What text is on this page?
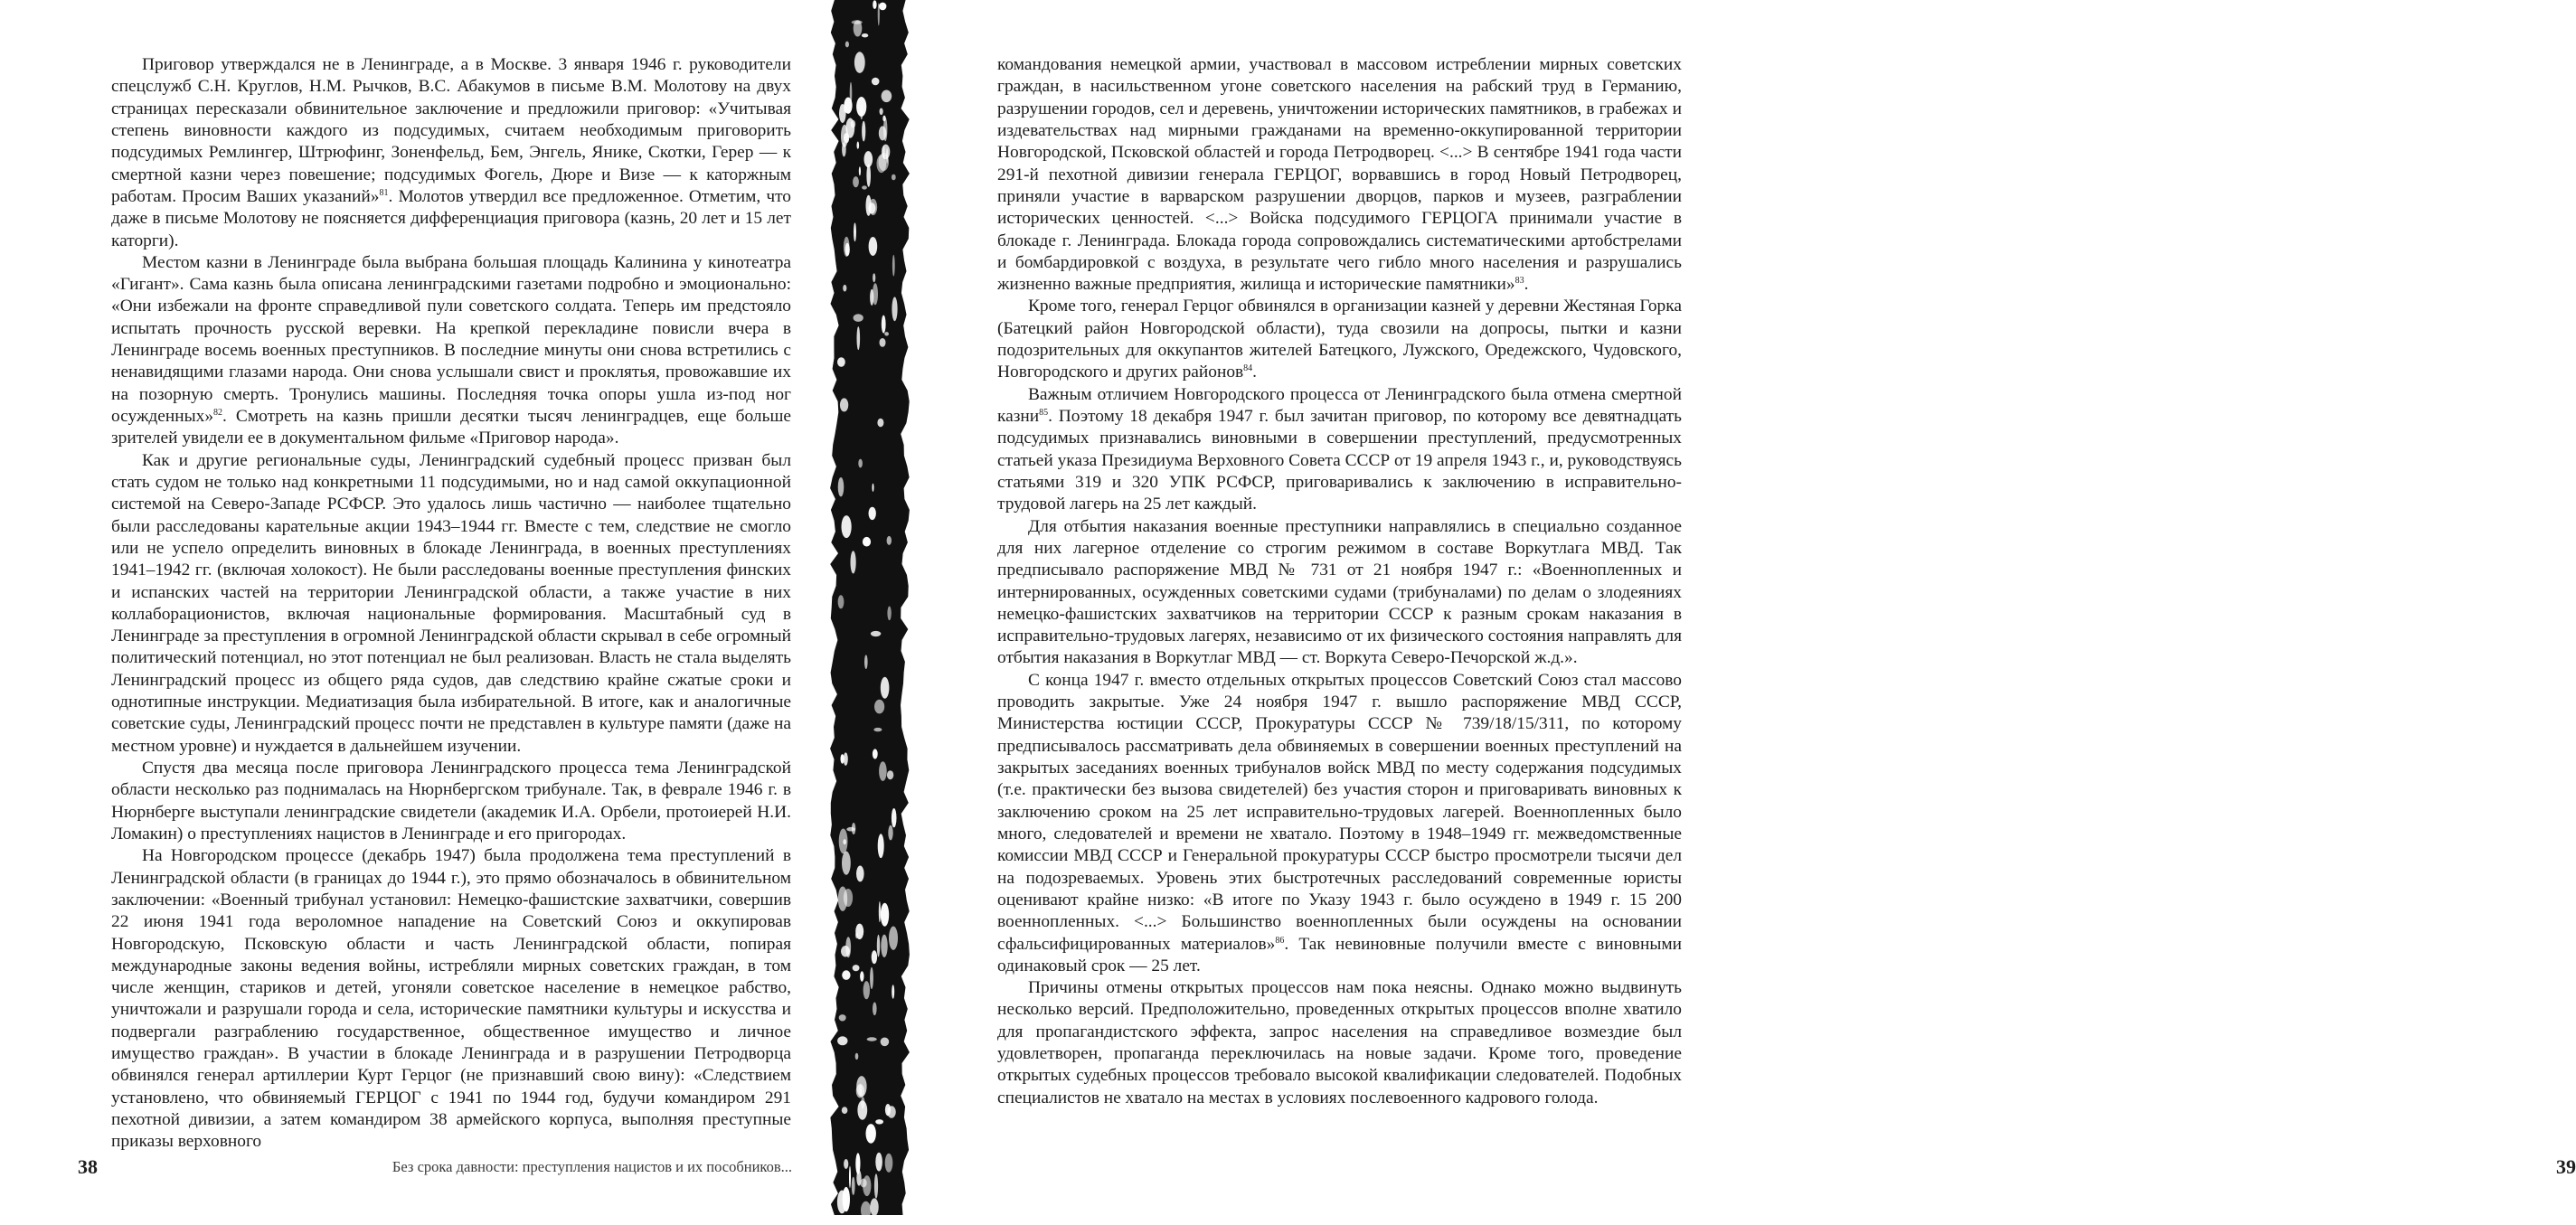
Приговор утверждался не в Ленинграде, а в Москве. 3 января 1946 г. руководители спецслужб С.Н. Круглов, Н.М. Рычков, В.С. Абакумов в письме В.М. Молотову на двух страницах пересказали обвинительное заключение и предложили приговор: «Учитывая степень виновности каждого из подсудимых, считаем необходимым приговорить подсудимых Ремлингер, Штрюфинг, Зоненфельд, Бем, Энгель, Янике, Скотки, Герер — к смертной казни через повешение; подсудимых Фогель, Дюре и Визе — к каторжным работам. Просим Ваших указаний»$^{81}$. Молотов утвердил все предложенное. Отметим, что даже в письме Молотову не поясняется дифференциация приговора (казнь, 20 лет и 15 лет каторги).

Местом казни в Ленинграде была выбрана большая площадь Калинина у кинотеатра «Гигант». Сама казнь была описана ленинградскими газетами подробно и эмоционально: «Они избежали на фронте справедливой пули советского солдата. Теперь им предстояло испытать прочность русской веревки. На крепкой перекладине повисли вчера в Ленинграде восемь военных преступников. В последние минуты они снова встретились с ненавидящими глазами народа. Они снова услышали свист и проклятья, провожавшие их на позорную смерть. Тронулись машины. Последняя точка опоры ушла из-под ног осужденных»$^{82}$. Смотреть на казнь пришли десятки тысяч ленинградцев, еще больше зрителей увидели ее в документальном фильме «Приговор народа».

Как и другие региональные суды, Ленинградский судебный процесс призван был стать судом не только над конкретными 11 подсудимыми, но и над самой оккупационной системой на Северо-Западе РСФСР. Это удалось лишь частично — наиболее тщательно были расследованы карательные акции 1943–1944 гг. Вместе с тем, следствие не смогло или не успело определить виновных в блокаде Ленинграда, в военных преступлениях 1941–1942 гг. (включая холокост). Не были расследованы военные преступления финских и испанских частей на территории Ленинградской области, а также участие в них коллаборационистов, включая национальные формирования. Масштабный суд в Ленинграде за преступления в огромной Ленинградской области скрывал в себе огромный политический потенциал, но этот потенциал не был реализован. Власть не стала выделять Ленинградский процесс из общего ряда судов, дав следствию крайне сжатые сроки и однотипные инструкции. Медиатизация была избирательной. В итоге, как и аналогичные советские суды, Ленинградский процесс почти не представлен в культуре памяти (даже на местном уровне) и нуждается в дальнейшем изучении.

Спустя два месяца после приговора Ленинградского процесса тема Ленинградской области несколько раз поднималась на Нюрнбергском трибунале. Так, в феврале 1946 г. в Нюрнберге выступали ленинградские свидетели (академик И.А. Орбели, протоиерей Н.И. Ломакин) о преступлениях нацистов в Ленинграде и его пригородах.

На Новгородском процессе (декабрь 1947) была продолжена тема преступлений в Ленинградской области (в границах до 1944 г.), это прямо обозначалось в обвинительном заключении: «Военный трибунал установил: Немецко-фашистские захватчики, совершив 22 июня 1941 года вероломное нападение на Советский Союз и оккупировав Новгородскую, Псковскую области и часть Ленинградской области, попирая международные законы ведения войны, истребляли мирных советских граждан, в том числе женщин, стариков и детей, угоняли советское население в немецкое рабство, уничтожали и разрушали города и села, исторические памятники культуры и искусства и подвергали разграблению государственное, общественное имущество и личное имущество граждан». В участии в блокаде Ленинграда и в разрушении Петродворца обвинялся генерал артиллерии Курт Герцог (не признавший свою вину): «Следствием установлено, что обвиняемый ГЕРЦОГ с 1941 по 1944 год, будучи командиром 291 пехотной дивизии, а затем командиром 38 армейского корпуса, выполняя преступные приказы верховного

38	Без срока давности: преступления нацистов и их пособников...

командования немецкой армии, участвовал в массовом истреблении мирных советских граждан, в насильственном угоне советского населения на рабский труд в Германию, разрушении городов, сел и деревень, уничтожении исторических памятников, в грабежах и издевательствах над мирными гражданами на временно-оккупированной территории Новгородской, Псковской областей и города Петродворец. <...> В сентябре 1941 года части 291-й пехотной дивизии генерала ГЕРЦОГ, ворвавшись в город Новый Петродворец, приняли участие в варварском разрушении дворцов, парков и музеев, разграблении исторических ценностей. <...> Войска подсудимого ГЕРЦОГА принимали участие в блокаде г. Ленинграда. Блокада города сопровождались систематическими артобстрелами и бомбардировкой с воздуха, в результате чего гибло много населения и разрушались жизненно важные предприятия, жилища и исторические памятники»$^{83}$.

Кроме того, генерал Герцог обвинялся в организации казней у деревни Жестяная Горка (Батецкий район Новгородской области), туда свозили на допросы, пытки и казни подозрительных для оккупантов жителей Батецкого, Лужского, Оредежского, Чудовского, Новгородского и других районов$^{84}$.

Важным отличием Новгородского процесса от Ленинградского была отмена смертной казни$^{85}$. Поэтому 18 декабря 1947 г. был зачитан приговор, по которому все девятнадцать подсудимых признавались виновными в совершении преступлений, предусмотренных статьей указа Президиума Верховного Совета СССР от 19 апреля 1943 г., и, руководствуясь статьями 319 и 320 УПК РСФСР, приговаривались к заключению в исправительно-трудовой лагерь на 25 лет каждый.

Для отбытия наказания военные преступники направлялись в специально созданное для них лагерное отделение со строгим режимом в составе Воркутлага МВД. Так предписывало распоряжение МВД № 731 от 21 ноября 1947 г.: «Военнопленных и интернированных, осужденных советскими судами (трибуналами) по делам о злодеяниях немецко-фашистских захватчиков на территории СССР к разным срокам наказания в исправительно-трудовых лагерях, независимо от их физического состояния направлять для отбытия наказания в Воркутлаг МВД — ст. Воркута Северо-Печорской ж.д.».

С конца 1947 г. вместо отдельных открытых процессов Советский Союз стал массово проводить закрытые. Уже 24 ноября 1947 г. вышло распоряжение МВД СССР, Министерства юстиции СССР, Прокуратуры СССР № 739/18/15/311, по которому предписывалось рассматривать дела обвиняемых в совершении военных преступлений на закрытых заседаниях военных трибуналов войск МВД по месту содержания подсудимых (т.е. практически без вызова свидетелей) без участия сторон и приговаривать виновных к заключению сроком на 25 лет исправительно-трудовых лагерей. Военнопленных было много, следователей и времени не хватало. Поэтому в 1948–1949 гг. межведомственные комиссии МВД СССР и Генеральной прокуратуры СССР быстро просмотрели тысячи дел на подозреваемых. Уровень этих быстротечных расследований современные юристы оценивают крайне низко: «В итоге по Указу 1943 г. было осуждено в 1949 г. 15 200 военнопленных. <...> Большинство военнопленных были осуждены на основании сфальсифицированных материалов»$^{86}$. Так невиновные получили вместе с виновными одинаковый срок — 25 лет.

Причины отмены открытых процессов нам пока неясны. Однако можно выдвинуть несколько версий. Предположительно, проведенных открытых процессов вполне хватило для пропагандистского эффекта, запрос населения на справедливое возмездие был удовлетворен, пропаганда переключилась на новые задачи. Кроме того, проведение открытых судебных процессов требовало высокой квалификации следователей. Подобных специалистов не хватало на местах в условиях послевоенного кадрового голода.

39
